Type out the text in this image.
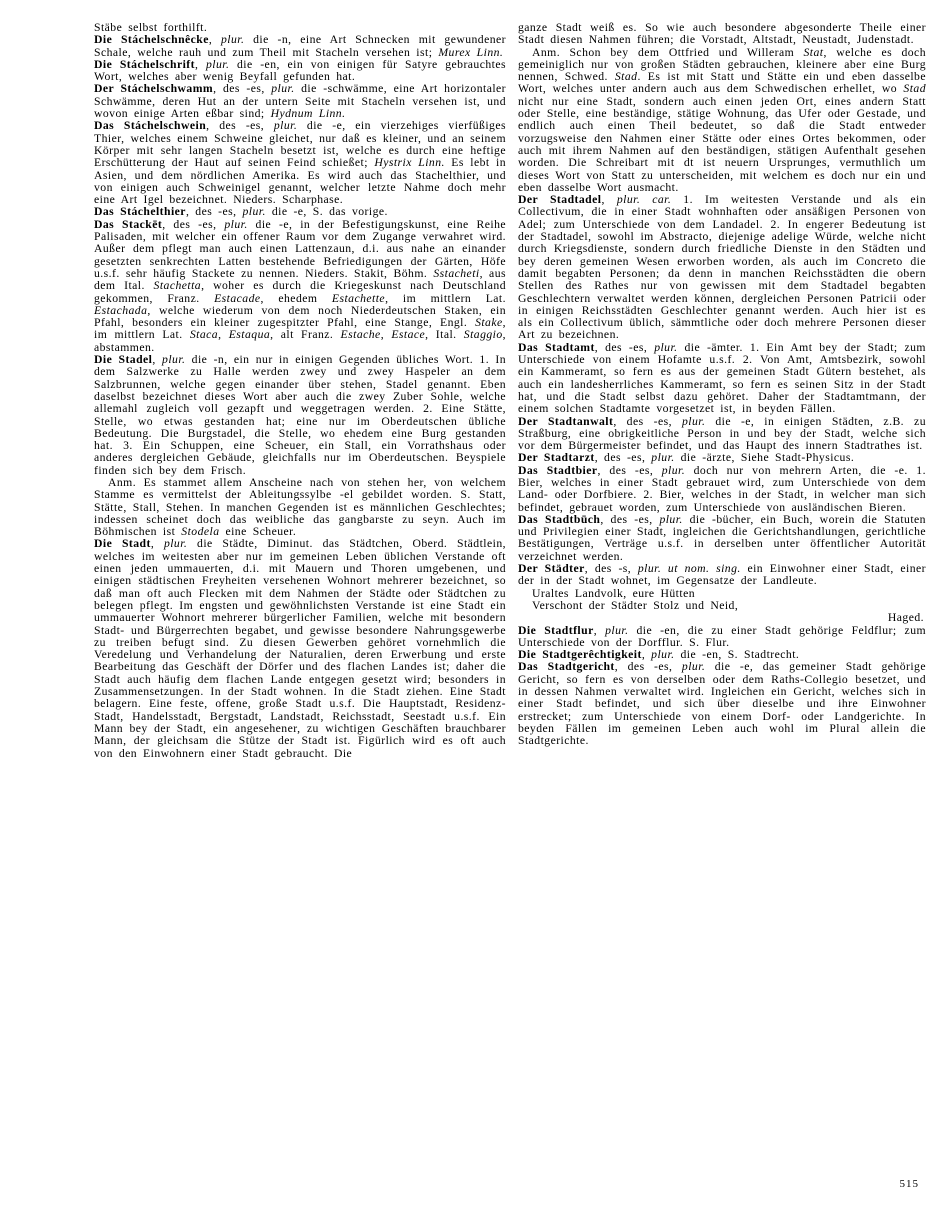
Stäbe selbst forthilft.

Die Stáchelschnêcke, plur. die -n, eine Art Schnecken mit gewundener Schale, welche rauh und zum Theil mit Stacheln versehen ist; Murex Linn.

Die Stáchelschrift, plur. die -en, ein von einigen für Satyre gebrauchtes Wort, welches aber wenig Beyfall gefunden hat.

Der Stáchelschwamm, des -es, plur. die -schwämme, eine Art horizontaler Schwämme, deren Hut an der untern Seite mit Stacheln versehen ist, und wovon einige Arten eßbar sind; Hydnum Linn.

Das Stáchelschwein, des -es, plur. die -e, ein vierzehiges vierfüßiges Thier, welches einem Schweine gleichet, nur daß es kleiner, und an seinem Körper mit sehr langen Stacheln besetzt ist, welche es durch eine heftige Erschütterung der Haut auf seinen Feind schießet; Hystrix Linn. Es lebt in Asien, und dem nördlichen Amerika. Es wird auch das Stachelthier, und von einigen auch Schweinigel genannt, welcher letzte Nahme doch mehr eine Art Igel bezeichnet. Nieders. Scharphase.

Das Stáchelthier, des -es, plur. die -e, S. das vorige.

Das Stackēt, des -es, plur. die -e, in der Befestigungskunst, eine Reihe Palisaden, mit welcher ein offener Raum vor dem Zugange verwahret wird. Außer dem pflegt man auch einen Lattenzaun, d.i. aus nahe an einander gesetzten senkrechten Latten bestehende Befriedigungen der Gärten, Höfe u.s.f. sehr häufig Stackete zu nennen. Nieders. Stakit, Böhm. Sstacheti, aus dem Ital. Stachetta, woher es durch die Kriegeskunst nach Deutschland gekommen, Franz. Estacade, ehedem Estachette, im mittlern Lat. Estachada, welche wiederum von dem noch Niederdeutschen Staken, ein Pfahl, besonders ein kleiner zugespitzter Pfahl, eine Stange, Engl. Stake, im mittlern Lat. Staca, Estaqua, alt Franz. Estache, Estace, Ital. Staggio, abstammen.

Die Stadel, plur. die -n, ein nur in einigen Gegenden übliches Wort. 1. In dem Salzwerke zu Halle werden zwey und zwey Haspeler an dem Salzbrunnen, welche gegen einander über stehen, Stadel genannt. Eben daselbst bezeichnet dieses Wort aber auch die zwey Zuber Sohle, welche allemahl zugleich voll gezapft und weggetragen werden. 2. Eine Stätte, Stelle, wo etwas gestanden hat; eine nur im Oberdeutschen übliche Bedeutung. Die Burgstadel, die Stelle, wo ehedem eine Burg gestanden hat. 3. Ein Schuppen, eine Scheuer, ein Stall, ein Vorrathshaus oder anderes dergleichen Gebäude, gleichfalls nur im Oberdeutschen. Beyspiele finden sich bey dem Frisch.

Anm. Es stammet allem Anscheine nach von stehen her, von welchem Stamme es vermittelst der Ableitungssylbe -el gebildet worden. S. Statt, Stätte, Stall, Stehen. In manchen Gegenden ist es männlichen Geschlechtes; indessen scheinet doch das weibliche das gangbarste zu seyn. Auch im Böhmischen ist Stodela eine Scheuer.

Die Stadt, plur. die Städte, Diminut. das Städtchen, Oberd. Städtlein, welches im weitesten aber nur im gemeinen Leben üblichen Verstande oft einen jeden ummauerten, d.i. mit Mauern und Thoren umgebenen, und einigen städtischen Freyheiten versehenen Wohnort mehrerer bezeichnet, so daß man oft auch Flecken mit dem Nahmen der Städte oder Städtchen zu belegen pflegt. Im engsten und gewöhnlichsten Verstande ist eine Stadt ein ummauerter Wohnort mehrerer bürgerlicher Familien, welche mit besondern Stadt- und Bürgerrechten begabet, und gewisse besondere Nahrungsgewerbe zu treiben befugt sind. Zu diesen Gewerben gehöret vornehmlich die Veredelung und Verhandelung der Naturalien, deren Erwerbung und erste Bearbeitung das Geschäft der Dörfer und des flachen Landes ist; daher die Stadt auch häufig dem flachen Lande entgegen gesetzt wird; besonders in Zusammensetzungen. In der Stadt wohnen. In die Stadt ziehen. Eine Stadt belagern. Eine feste, offene, große Stadt u.s.f. Die Hauptstadt, Residenz-Stadt, Handelsstadt, Bergstadt, Landstadt, Reichsstadt, Seestadt u.s.f. Ein Mann bey der Stadt, ein angesehener, zu wichtigen Geschäften brauchbarer Mann, der gleichsam die Stütze der Stadt ist. Figürlich wird es oft auch von den Einwohnern einer Stadt gebraucht. Die

ganze Stadt weiß es. So wie auch besondere abgesonderte Theile einer Stadt diesen Nahmen führen; die Vorstadt, Altstadt, Neustadt, Judenstadt.

Anm. Schon bey dem Ottfried und Willeram Stat, welche es doch gemeiniglich nur von großen Städten gebrauchen, kleinere aber eine Burg nennen, Schwed. Stad. Es ist mit Statt und Stätte ein und eben dasselbe Wort, welches unter andern auch aus dem Schwedischen erhellet, wo Stad nicht nur eine Stadt, sondern auch einen jeden Ort, eines andern Statt oder Stelle, eine beständige, stätige Wohnung, das Ufer oder Gestade, und endlich auch einen Theil bedeutet, so daß die Stadt entweder vorzugsweise den Nahmen einer Stätte oder eines Ortes bekommen, oder auch mit ihrem Nahmen auf den beständigen, stätigen Aufenthalt gesehen worden. Die Schreibart mit dt ist neuern Ursprunges, vermuthlich um dieses Wort von Statt zu unterscheiden, mit welchem es doch nur ein und eben dasselbe Wort ausmacht.

Der Stadtadel, plur. car. 1. Im weitesten Verstande und als ein Collectivum, die in einer Stadt wohnhaften oder ansäßigen Personen von Adel; zum Unterschiede von dem Landadel. 2. In engerer Bedeutung ist der Stadtadel, sowohl im Abstracto, diejenige adelige Würde, welche nicht durch Kriegsdienste, sondern durch friedliche Dienste in den Städten und bey deren gemeinen Wesen erworben worden, als auch im Concreto die damit begabten Personen; da denn in manchen Reichsstädten die obern Stellen des Rathes nur von gewissen mit dem Stadtadel begabten Geschlechtern verwaltet werden können, dergleichen Personen Patricii oder in einigen Reichsstädten Geschlechter genannt werden. Auch hier ist es als ein Collectivum üblich, sämmtliche oder doch mehrere Personen dieser Art zu bezeichnen.

Das Stadtamt, des -es, plur. die -ämter. 1. Ein Amt bey der Stadt; zum Unterschiede von einem Hofamte u.s.f. 2. Von Amt, Amtsbezirk, sowohl ein Kammeramt, so fern es aus der gemeinen Stadt Gütern bestehet, als auch ein landesherrliches Kammeramt, so fern es seinen Sitz in der Stadt hat, und die Stadt selbst dazu gehöret. Daher der Stadtamtmann, der einem solchen Stadtamte vorgesetzet ist, in beyden Fällen.

Der Stadtanwalt, des -es, plur. die -e, in einigen Städten, z.B. zu Straßburg, eine obrigkeitliche Person in und bey der Stadt, welche sich vor dem Bürgermeister befindet, und das Haupt des innern Stadtrathes ist.

Der Stadtarzt, des -es, plur. die -ärzte, Siehe Stadt-Physicus.

Das Stadtbier, des -es, plur. doch nur von mehrern Arten, die -e. 1. Bier, welches in einer Stadt gebrauet wird, zum Unterschiede von dem Land- oder Dorfbiere. 2. Bier, welches in der Stadt, in welcher man sich befindet, gebrauet worden, zum Unterschiede von ausländischen Bieren.

Das Stadtbūch, des -es, plur. die -bücher, ein Buch, worein die Statuten und Privilegien einer Stadt, ingleichen die Gerichtshandlungen, gerichtliche Bestätigungen, Verträge u.s.f. in derselben unter öffentlicher Autorität verzeichnet werden.

Der Städter, des -s, plur. ut nom. sing. ein Einwohner einer Stadt, einer der in der Stadt wohnet, im Gegensatze der Landleute.

Uraltes Landvolk, eure Hütten

Verschont der Städter Stolz und Neid,

Haged.

Die Stadtflur, plur. die -en, die zu einer Stadt gehörige Feldflur; zum Unterschiede von der Dorfflur. S. Flur.

Die Stadtgerêchtigkeit, plur. die -en, S. Stadtrecht.

Das Stadtgericht, des -es, plur. die -e, das gemeiner Stadt gehörige Gericht, so fern es von derselben oder dem Raths-Collegio besetzet, und in dessen Nahmen verwaltet wird. Ingleichen ein Gericht, welches sich in einer Stadt befindet, und sich über dieselbe und ihre Einwohner erstrecket; zum Unterschiede von einem Dorf- oder Landgerichte. In beyden Fällen im gemeinen Leben auch wohl im Plural allein die Stadtgerichte.

515
